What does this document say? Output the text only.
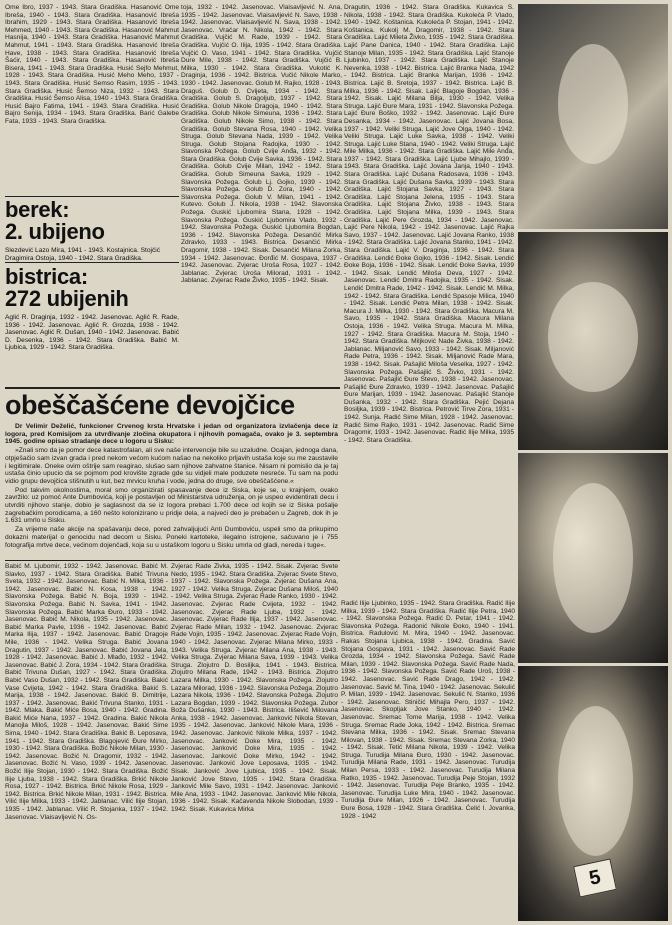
Ome Ibro, 1937 - 1943. Stara Gradiška. Hasanović Ome Ibreša, 1940 - 1943. Stara Gradiška. Hasanović Ibreša Ibrahim, 1929 - 1943. Stara Gradiška. Hasanović Ibreša Mehmed, 1940 - 1943. Stara Gradiška. Hasanović Mahmut Hasnija, 1940 - 1943. Stara Gradiška. Hasanović Mahmut Mahmut, 1941 - 1943. Stara Gradiška. Hasanović Ibreša Have, 1938 - 1943. Stara Gradiška. Hasanović Ibreša Šaćir, 1940 - 1943. Stara Gradiška. Hasanović Ibreša Bisera, 1941 - 1943. Stara Gradiška. Husić Sejfo Mehmut, 1928 - 1943. Stara Gradiška. Husić Meho Meho, 1937 - 1943. Stara Gradiška. Husić Semso Rasim, 1935 - 1943. Stara Gradiška. Husić Šemso Niza, 1932 - 1943. Stara Gradiška. Husić Šemso Alisa, 1940 - 1943. Stara Gradiška. Husić Bajro Fatima, 1941 - 1943. Stara Gradiška. Husić Bajro Senija, 1934 - 1943. Stara Gradiška. Barić Galebe Fata, 1933 - 1943. Stara Gradiška.

berek:
2. ubijeno
Slezdević Lazo Mira, 1941 - 1943. Kostajnica. Stojčić Dragimira Ostoja, 1940 - 1942. Stara Gradiška.
bistrica:
272 ubijenih
Aglić R. Draginja, 1932 - 1942. Jasenovac. Aglić R. Rade, 1936 - 1942. Jasenovac. Aglić R. Grozda, 1938 - 1942. Jasenovac. Aglić R. Dušan, 1940 - 1942. Jasenovac. Babić D. Desenka, 1936 - 1942. Stara Gradiška. Babić M. Ljubica, 1929 - 1942. Stara Gradiška.

toja, 1932 - 1942. Jasenovac. Vlaisavljević N. Ana, 1935 - 1942. Jasenovac. Vlaisavljević N. Savo, 1938 - 1942. Jasenovac. Vlaisavljević N. Sava, 1938 - 1942. Jasenovac. Vračar N. Nikola, 1942 - 1942. Stara Gradiška. Vujčić M. Rade, 1939 - 1942. Stara Gradiška. Vujčić O. Ilija, 1935 - 1942. Stara Gradiška. Vujčić O. Vaso, 1941 - 1942. Stara Gradiška. Vujčić Dure Mile, 1938 - 1942. Stara Gradiška. Vujčić B. Milka, 1930 - 1942. Stara Gradiška. Vukotić K. Draginja, 1936 - 1942. Bistrica. Vučić Nikole Marko, 1930 - 1942. Jasenovac. Golub M. Rajko, 1928 - 1943. Draguš. Golub D. Cvijeta, 1934 - 1942. Stara Gradiška. Golub S. Dragoljub, 1937 - 1942. Stara Gradiška. Golub Nikole Dragoja, 1940 - 1942. Stara Gradiška. Golub Nikole Simeuna, 1936 - 1942. Stara Gradiška. Golub Nikole Simo, 1938 - 1942. Stara Gradiška. Golub Stevana Rosa, 1940 - 1942. Velika Struga. Golub Stevana Nada, 1939 - 1942. Velika Struga. Golub Stojana Radojka, 1930 - 1942. Slavonska Požega. Golub Cvije Anđa, 1932 - 1942. Stara Gradiška. Golub Cvije Savka, 1936 - 1942. Stara Gradiška. Golub Cvije Milan, 1942 - 1942. Stara Gradiška. Golub Simeuna Savka, 1929 - 1942. Slavonska Požega. Golub Lj. Gojko, 1939 - 1942. Slavonska Požega. Golub D. Zora, 1940 - 1942. Slavonska Požega. Golub V. Milan, 1941 - 1942. Kutevo. Golub J. Nikola, 1938 - 1942. Slavonska Požega. Guskić Ljubomira Stana, 1928 - 1942. Slavonska Požega. Guskić Ljubomira Vlado, 1932 - 1942. Slavonska Požega. Guskić Ljubomira Bogdan, 1936 - 1942. Slavonska Požega. Desančić Mirka Zdravko, 1933 - 1943. Bistrica. Desančić Mirka Dragomir, 1938 - 1942. Sisak. Desančić Milana Zorka, 1934 - 1942. Jasenovac. Đorđić M. Gospava, 1937 - 1942. Jasenovac. Zvjerac Uroša Rosa, 1927 - 1942. Jablanac. Zvjerac Uroša Milorad, 1931 - 1942. Jablanac. Zvjerac Rade Živko, 1935 - 1942. Sisak.

Dragutin, 1936 - 1942. Stara Gradiška. Kukavica S. Nikola, 1938 - 1942. Stara Gradiška. Kukoleča P. Vlado, 1940 - 1942. Koštanica. Kukoleča P. Stojan, 1941 - 1942. Koštanica. Kukolj M. Dragomir, 1938 - 1942. Stara Gradiška. Lajić Mileta Živko, 1935 - 1942. Stara Gradiška. Lajić Pane Danica, 1940 - 1942. Stara Gradiška. Lajić Stanoje Milan, 1935 - 1942. Stara Gradiška. Lajić Stanoje Ljubinko, 1937 - 1942. Stara Gradiška. Lajić Stanoje Nevenka, 1938 - 1942. Bistrica. Lajić Branka Nada, 1942 - 1942. Bistrica. Lajić Branka Marijan, 1936 - 1942. Bistrica. Lajić B. Sretoja, 1937 - 1942. Bistrica. Lajić B. Milka, 1936 - 1942. Sisak. Lajić Blagoje Bogdan, 1936 - 1942. Sisak. Lajić Milana Bilja, 1930 - 1942. Velika Struga. Lajić Đure Mara, 1931 - 1942. Slavonska Požega. Lajić Đure Boško, 1932 - 1942. Jasenovac. Lajić Đure Desanka, 1934 - 1942. Jasenovac. Lajić Jovana Bosa, 1937 - 1942. Veliki Struga. Lajić Jove Olga, 1940 - 1942. Veliki Struga. Lajić Luke Savka, 1938 - 1942. Veliki Struga. Lajić Luke Stana, 1940 - 1942. Veliki Struga. Lajić Mile Milka, 1936 - 1942. Stara Gradiška. Lajić Mile Anđa, 1937 - 1942. Stara Gradiška. Lajić Ljube Mihajlo, 1939 - 1943. Stara Gradiška. Lajić Jovana Janja, 1940 - 1943. Stara Gradiška. Lajić Dušana Radosava, 1936 - 1943. Stara Gradiška. Lajić Dušana Savka, 1939 - 1943. Stara Gradiška. Lajić Stojana Savka, 1927 - 1943. Stara Gradiška. Lajić Stojana Jelena, 1935 - 1943. Stara Gradiška. Lajić Stojana Živko, 1938 - 1943. Stara Gradiška. Lajić Stojana Milka, 1939 - 1943. Stara Gradiška. Lajić Pere Grozda, 1934 - 1942. Jasenovac. Lajić Pere Nikola, 1942 - 1942. Jasenovac. Lajić Rajka Savo, 1937 - 1942. Jasenovac. Lajić Jovana Ranko, 1938 - 1942. Stara Gradiška. Lajić Jovana Stanko, 1941 - 1942. Stara Gradiška. Lajić V. Draginja, 1936 - 1942. Stara Gradiška. Lendić Đoke Gojko, 1936 - 1942. Sisak. Lendić Đoke Boja, 1936 - 1942. Sisak. Lendić Đoke Savka, 1939 - 1942. Sisak. Lendić Miloša Deva, 1927 - 1942. Jasenovac. Lendić Dmitra Radojka, 1935 - 1942. Sisak. Lendić Dmitra Rade, 1942 - 1942. Sisak. Lendić M. Milka, 1942 - 1942. Stara Gradiška. Lendić Spasoje Milica, 1940 - 1942. Sisak. Lendić Petra Milan, 1938 - 1942. Sisak. Macura J. Milka, 1930 - 1942. Stara Gradiška. Macura M. Savo, 1935 - 1942. Stara Gradiška. Macura Milana Ostoja, 1936 - 1942. Velika Struga. Macura M. Milka, 1927 - 1942. Stara Gradiška. Macura M. Stoja, 1940 - 1942. Stara Gradiška. Miljković Nade Živka, 1938 - 1942. Jablanac. Miljanović Savo, 1933 - 1942. Sisak. Miljanović Rade Petra, 1936 - 1942. Sisak. Miljanović Rade Mara, 1938 - 1942. Sisak. Pašajlić Miloša Veselka, 1927 - 1942. Slavonska Požega. Pašajlić S. Živko, 1931 - 1942. Jasenovac. Pašajlić Đure Stevo, 1938 - 1942. Jasenovac. Pašajlić Đure Zdravko, 1939 - 1942. Jasenovac. Pašajlić Đure Marijan, 1939 - 1942. Jasenovac. Pašajlić Stanoje Dušanka, 1932 - 1942. Stara Gradiška. Pejić Dejana Bosiljka, 1939 - 1942. Bistrica. Petrović Tirve Zora, 1931 - 1942. Sunja. Radić Sime Milan, 1928 - 1942. Jasenovac. Radić Sime Rajko, 1931 - 1942. Jasenovac. Radić Sime Dragomir, 1933 - 1942. Jasenovac. Radić Ilije Milka, 1935 - 1942. Stara Gradiška.

obeščašćene devojčice

Dr Velimir Deželić, funkcioner Crvenog krsta Hrvatske i jedan od organizatora izvlačenja dece iz logora, pred Komisijom za utvrđivanje zločina okupatora i njihovih pomagača, ovako je 3. septembra 1945. godine opisao stradanje dece u logoru u Sisku:

»Znali smo da je pomor dece katastrofalan, ali sve naše intervencije bile su uzaludne. Ocajan, jednoga dana, otpješačio sam izvan grada i pred nekom većom kućom našao na nekoliko prljavih ustaša koje su me zaustavile i legitimirale. Oneke ovim oštrije sam reagirao, slušao sam njihove zahvatne štanice. Nisam ni pomislio da je taj ustaša činio upucio da se pojmom pod krovište zgrade gde su vidjeli male poduzete nesreće. Tu sam na podu vidio grupu devojčica stišnutih u kut, bez mrvicu kruha i vode, jedna do druge, sve obeščašćene.«

Pod takvim okolnostima, moral smo organizirati spasavanje dece iz Siska, koje se, u krajnjem, ovako zavržilo: uz pomoć Ante Dumbovića, koji je postavljen od Ministarstva udruženja, on je uspeo evidentirati decu i utvrditi njihovo stanje, dobio je saglasnost da se iz logora prebaci 1.700 dece od kojih se iz Siska pošalje zagrebačkim porodicama, a 160 nešto kolonizirano u pridje dela, a najveći deo je prebačen u Zagreb, dok ih je 1.631 umrlo u Sisku.

Za vrijeme naše akcije na spašavanju dece, pored zahvaljujući Anti Dumboviću, uspeli smo da prikupimo dokazni materijal o genocidu nad decom u Sisku. Poneki kartoteke, ilegalno istrojene, sačuvano je i 755 fotografija mrtve dece, većinom dojenčadi, koja su u ustaškom logoru u Sisku umrla od gladi, nereda i tuge«.

Babić M. Ljubomir, 1932 - 1942. Jasenovac. Babić M. Slavko, 1937 - 1942. Stara Gradiška. Babić Trivuna Sveta, 1932 - 1942. Jasenovac. Babić N. Milka, 1936 - 1942. Jasenovac. Babić N. Kosa, 1938 - 1942. Slavonska Požega. Babić N. Boja, 1939 - 1942. Slavonska Požega. Babić N. Savka, 1941 - 1942. Slavonska Požega. Babić Marka Đuro, 1933 - 1942. Jasenovac. Babić M. Nikola, 1935 - 1942. Jasenovac. Babić Marka Pavle, 1936 - 1942. Jasenovac. Babić Marka Ilija, 1937 - 1942. Jasenovac. Babić Dragoje Mile, 1936 - 1942. Velika Struga. Babić Jovana Dragutin, 1937 - 1942. Jasenovac. Babić Jovana Jela, 1928 - 1942. Jasenovac. Babić J. Mlađo, 1932 - 1942. Jasenovac. Babić J. Zora, 1934 - 1942. Stara Gradiška. Babić Trivuna Dušan, 1927 - 1942. Stara Gradiška. Babić Vaso Dušan, 1932 - 1942. Stara Gradiška. Bakić Vase Cvijeta, 1942 - 1942. Stara Gradiška. Bakić S. Marija, 1938 - 1942. Jasenovac. Bakić B. Dimitrije, 1937 - 1942. Jasenovac. Bakić Trivuna Stanko, 1931 - 1942. Mlaka. Bakić Miće Bosa, 1940 - 1942. Gradina. Bakić Miće Nana, 1937 - 1942. Gradina. Bakić Nikola Manojla Miloš, 1928 - 1942. Jasenovac. Bakić Sime Sima, 1940 - 1942. Stara Gradiška. Bakić B. Leposava, 1941 - 1942. Stara Gradiška. Blagojević Đure Mirko, 1930 - 1942. Stara Gradiška. Božić Nikole Milan, 1930 - 1942. Jasenovac. Božić N. Dragomir, 1932 - 1942. Jasenovac. Božić N. Vaso, 1939 - 1942. Jasenovac. Božić Ilije Stojan, 1930 - 1942. Stara Gradiška. Božić Ilije Ljuba, 1938 - 1942. Stara Gradiška. Brkić Nikole Rosa, 1927 - 1942. Bistrica. Brkić Nikole Rosa, 1929 - 1942. Bistrica. Brkić Nikole Milan, 1931 - 1942. Bistrica. Vilić Ilije Milka, 1933 - 1942. Jablanac. Vilić Ilije Stojan, 1935 - 1942. Jablanac. Vilić R. Stojanka, 1937 - 1942. Jasenovac. Vlaisavljević N. Os-

Zvjerac Rade Živka, 1935 - 1942. Sisak. Zvjerac Svete Nedo, 1935 - 1942. Stara Gradiška. Zvjerac Svete Stevo, 1937 - 1942. Slavonska Požega. Zvjerac Dušana Ana, 1927 - 1942. Velika Struga. Zvjerac Dušana Miloš, 1940 - 1942. Velika Struga. Zvjerac Rade Ranko, 1930 - 1942. Jasenovac. Zvjerac Rade Cvijeta, 1932 - 1942. Jasenovac. Zvjerac Rade Ljuba, 1932 - 1942. Jasenovac. Zvjerac Rade Ilija, 1937 - 1942. Jasenovac. Zvjerac Rade Milan, 1932 - 1942. Jasenovac. Zvjerac Rade Vojin, 1935 - 1942. Jasenovac. Zvjerac Rade Vojin, 1940 - 1942. Jasenovac. Zvjerac Milana Mirko, 1933 - 1943. Velika Struga. Zvjerac Milana Ana, 1938 - 1943. Velika Struga. Zvjerac Milana Sava, 1939 - 1943. Velika Struga. Zlojutro D. Bosiljka, 1941 - 1943. Bistrica. Zlojutro Milana Rade, 1942 - 1943. Bistrica. Zlojutro Lazara Milka, 1930 - 1942. Slavonska Požega. Zlojutro Lazara Milorad, 1936 - 1942. Slavonska Požega. Zlojutro Lazara Nikola, 1936 - 1942. Slavonska Požega. Zlojutro Lazara Bogdan, 1939 - 1942. Slavonska Požega. Zubor Boža Dušanka, 1930 - 1943. Bistrica. Ilišević Milovana Anka, 1938 - 1942. Jasenovac. Janković Nikola Stevan, 1935 - 1942. Jasenovac. Janković Nikole Mara, 1936 - 1942. Jasenovac. Janković Nikole Milka, 1937 - 1942. Jasenovac. Janković Doke Mira, 1935 - 1942. Jasenovac. Janković Doke Mira, 1935 - 1942. Jasenovac. Janković Doke Mirko, 1942 - 1942. Jasenovac. Janković Jove Leposava, 1935 - 1942. Sisak. Janković Jove Ljubica, 1935 - 1942. Sisak. Janković Jove Stevo, 1935 - 1942. Stara Gradiška. Janković Mile Savo, 1931 - 1942. Jasenovac. Janković Mile Ana, 1933 - 1942. Jasenovac. Janković Mile Nikola, 1936 - 1942. Sisak. Kačavenda Nikole Slobodan, 1939 - 1942. Sisak. Kukavica Mirka

Radić Ilije Ljubinko, 1935 - 1942. Stara Gradiška. Radić Ilije Milka, 1939 - 1942. Stara Gradiška. Radić Ilije Petra, 1940 - 1942. Slavonska Požega. Radić D. Petar, 1941 - 1942. Slavonska Požega. Radonić Nikole Đoko, 1940 - 1941. Bistrica. Radulović M. Mira, 1940 - 1942. Jasenovac. Rakas Stojana Ljubica, 1938 - 1942. Gradina. Savić Stojana Gospava, 1931 - 1942. Jasenovac. Savić Rade Grozda, 1934 - 1942. Slavonska Požega. Savić Rade Milan, 1939 - 1942. Slavonska Požega. Savić Rade Nada, 1936 - 1942. Slavonska Požega. Savić Rade Uroš, 1938 - 1942. Jasenovac. Savić Rade Drago, 1942 - 1942. Jasenovac. Savić M. Tina, 1940 - 1942. Jasenovac. Sekulić P. Milan, 1939 - 1942. Jasenovac. Sekulić N. Stanko, 1936 - 1942. Jasenovac. Stiničić Mihajla Pero, 1937 - 1942. Jasenovac. Skopljak Jove Stanko, 1940 - 1942. Jasenovac. Sremac Tome Marija, 1938 - 1942. Velika Struga. Sremac Rade Joka, 1942 - 1942. Bistrica. Sremac Stevana Milka, 1936 - 1942. Sisak. Sremac Stevana Milovan, 1938 - 1942. Sisak. Sremac Stevana Zorka, 1940 - 1942. Sisak. Tetić Milana Nikola, 1939 - 1942. Velika Struga. Turudija Milana Đuro, 1930 - 1942. Jasenovac. Turudija Milana Rade, 1931 - 1942. Jasenovac. Turudija Milan Persa, 1933 - 1942. Jasenovac. Turudija Milana Ratko, 1935 - 1942. Jasenovac. Turudija Peje Stojan, 1932 - 1942. Jasenovac. Turudija Peje Branko, 1935 - 1942. Jasenovac. Turudija Luke Mira, 1940 - 1942. Jasenovac. Turudija Đure Milan, 1926 - 1942. Jasenovac. Turudija Đure Bosa, 1928 - 1942. Stara Gradiška. Ćelić I. Jovanka, 1928 - 1942

5
